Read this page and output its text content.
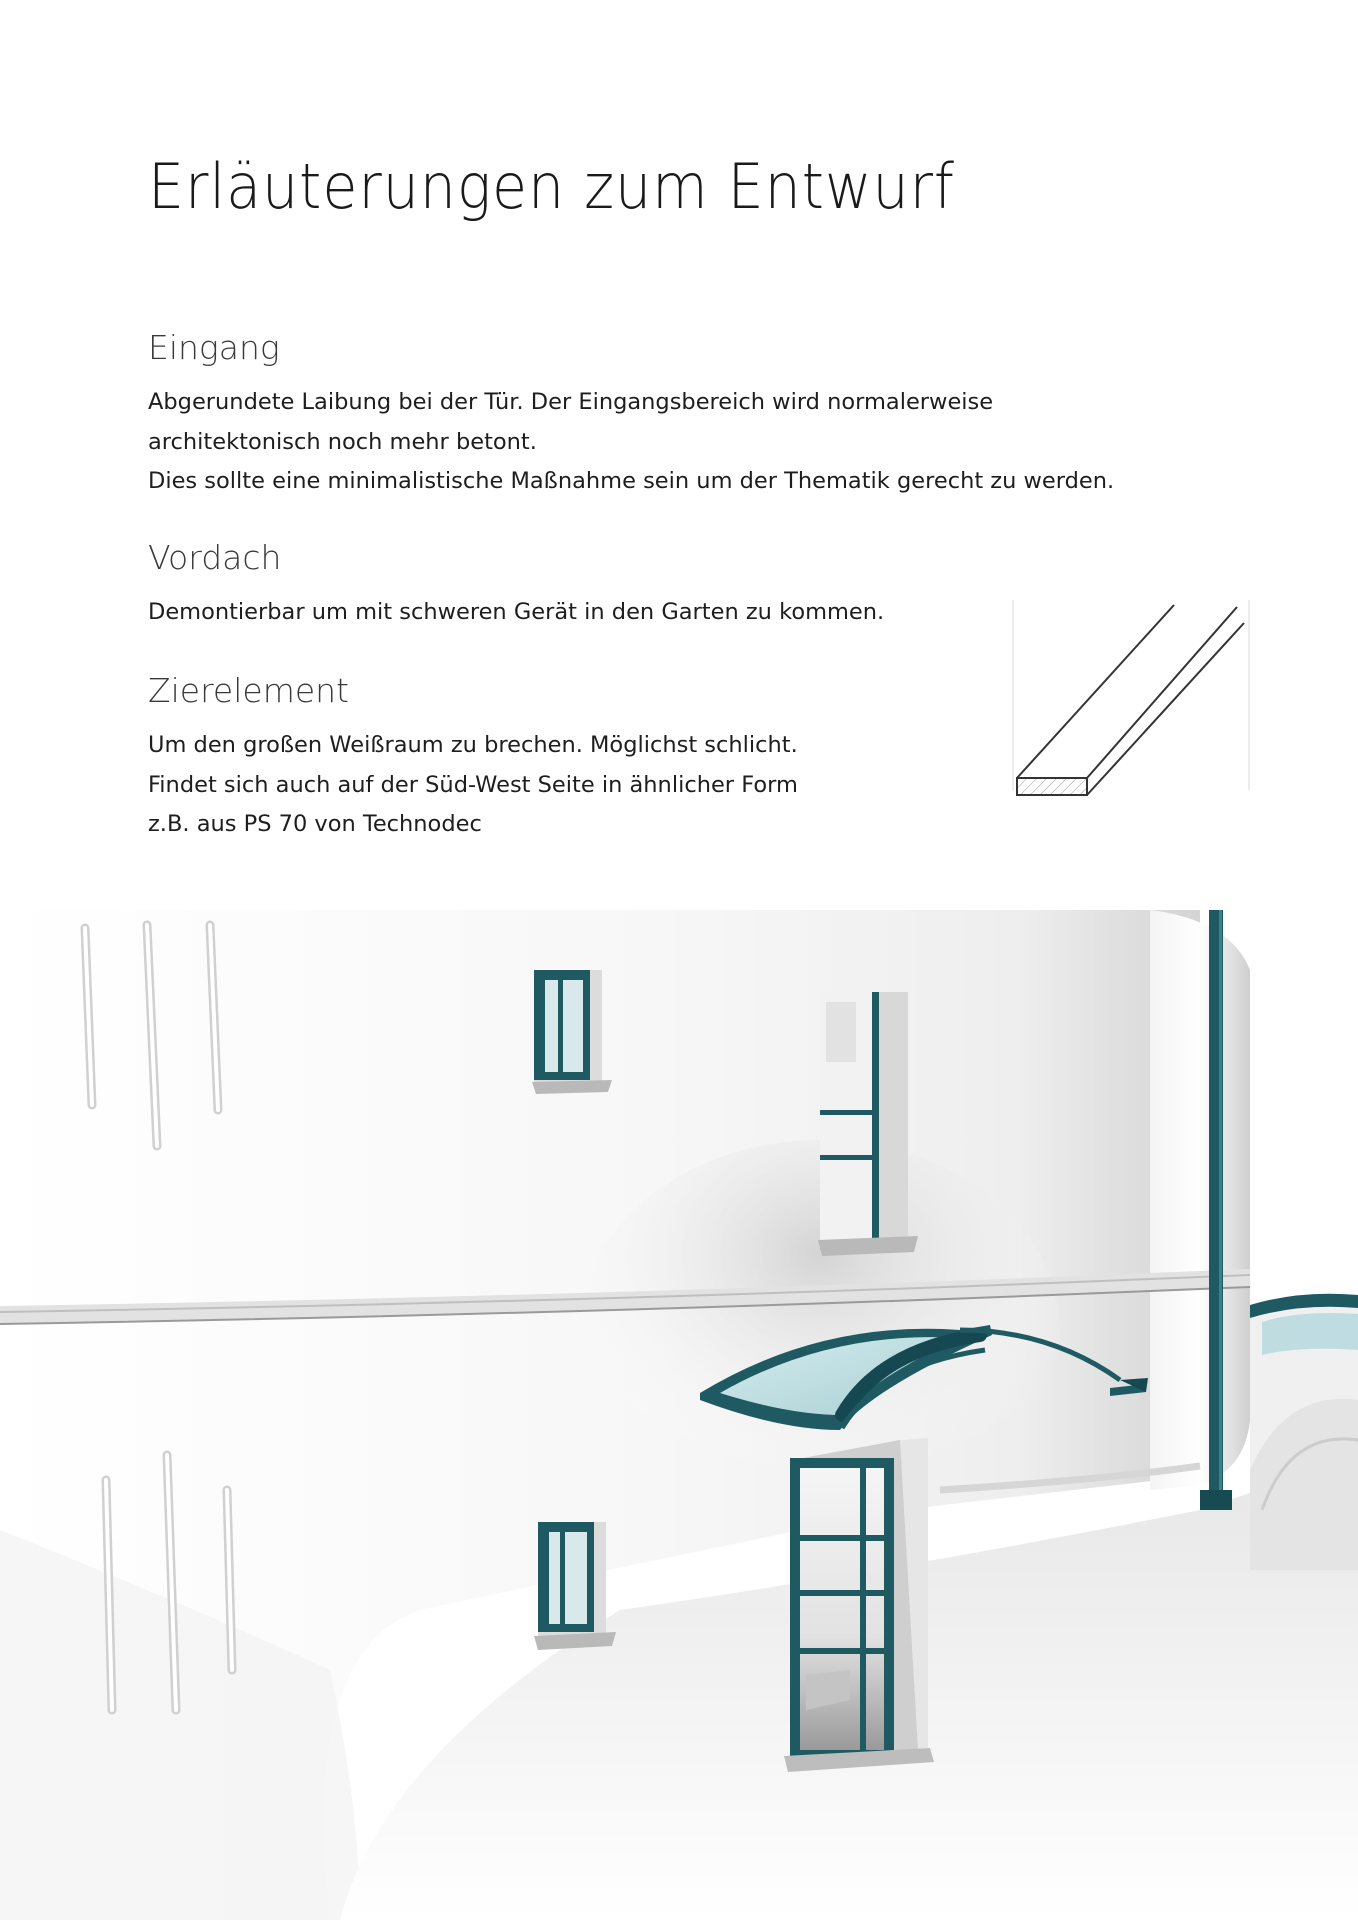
Erläuterungen zum Entwurf
Eingang
Abgerundete Laibung bei der Tür. Der Eingangsbereich wird normalerweise
architektonisch noch mehr betont.
Dies sollte eine minimalistische Maßnahme sein um der Thematik gerecht zu werden.
Vordach
Demontierbar um mit schweren Gerät in den Garten zu kommen.
Zierelement
Um den großen Weißraum zu brechen. Möglichst schlicht.
Findet sich auch auf der Süd-West Seite in ähnlicher Form
z.B. aus PS 70 von Technodec
